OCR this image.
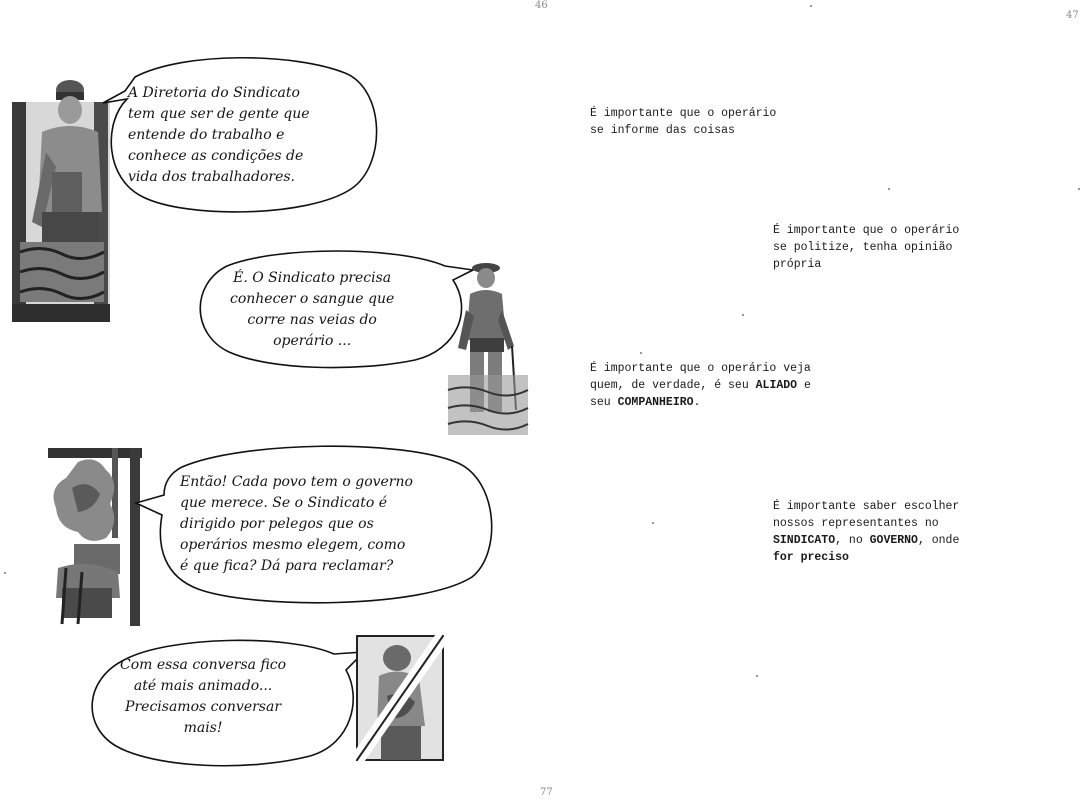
46
47
77
A Diretoria do Sindicato
tem que ser de gente que
entende do trabalho e
conhece as condições de
vida dos trabalhadores.
É. O Sindicato precisa
conhecer o sangue que
corre nas veias do
operário ...
Então! Cada povo tem o governo
que merece. Se o Sindicato é
dirigido por pelegos que os
operários mesmo elegem, como
é que fica? Dá para reclamar?
Com essa conversa fico
até mais animado...
Precisamos conversar
mais!
É importante que o operário
se informe das coisas
É importante que o operário
se politize, tenha opinião
própria
É importante que o operário veja
quem, de verdade, é seu ALIADO e
seu COMPANHEIRO.
É importante saber escolher
nossos representantes no
SINDICATO, no GOVERNO, onde
for preciso
